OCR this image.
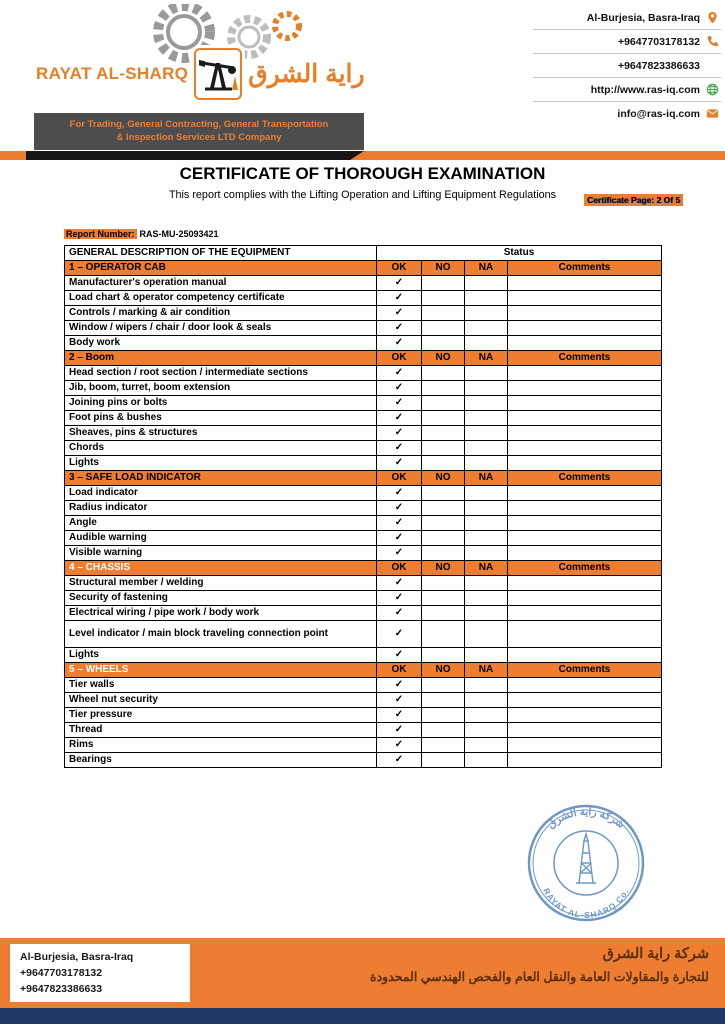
RAYAT AL-SHARQ راية الشرق
For Trading, General Contracting, General Transportation
& Inspection Services LTD Company
Al-Burjesia, Basra-Iraq
+9647703178132
+9647823386633
http://www.ras-iq.com
info@ras-iq.com
CERTIFICATE OF THOROUGH EXAMINATION
This report complies with the Lifting Operation and Lifting Equipment Regulations	Certificate Page: 2 Of 5
Report Number: RAS-MU-25093421
GENERAL DESCRIPTION OF THE EQUIPMENT	Status			
1 – OPERATOR CAB	OK	NO	NA	Comments
Manufacturer's operation manual	✓			
Load chart & operator competency certificate	✓			
Controls / marking & air condition	✓			
Window / wipers / chair / door look & seals	✓			
Body work	✓			
2 – Boom	OK	NO	NA	Comments
Head section / root section / intermediate sections	✓			
Jib, boom, turret, boom extension	✓			
Joining pins or bolts	✓			
Foot pins & bushes	✓			
Sheaves, pins & structures	✓			
Chords	✓			
Lights	✓			
3 – SAFE LOAD INDICATOR	OK	NO	NA	Comments
Load indicator	✓			
Radius indicator	✓			
Angle	✓			
Audible warning	✓			
Visible warning	✓			
4 – CHASSIS	OK	NO	NA	Comments
Structural member / welding	✓			
Security of fastening	✓			
Electrical wiring / pipe work / body work	✓			
Level indicator / main block traveling connection point	✓			
Lights	✓			
5 – WHEELS	OK	NO	NA	Comments
Tier walls	✓			
Wheel nut security	✓			
Tier pressure	✓			
Thread	✓			
Rims	✓			
Bearings	✓			
شركة راية الشرق
RAYAT AL-SHARQ Co.
Al-Burjesia, Basra-Iraq
+9647703178132
+9647823386633
شركة راية الشرق
للتجارة والمقاولات العامة والنقل العام والفحص الهندسي المحدودة
